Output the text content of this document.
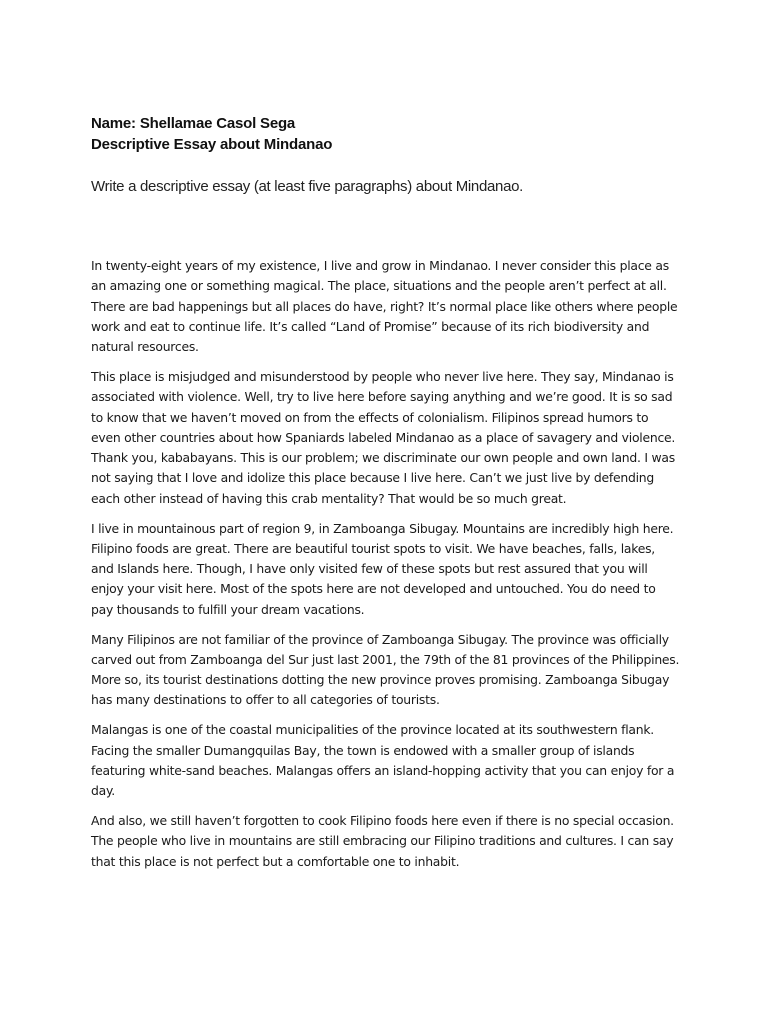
Name: Shellamae Casol Sega
Descriptive Essay about Mindanao
Write a descriptive essay (at least five paragraphs) about Mindanao.

In twenty-eight years of my existence, I live and grow in Mindanao. I never consider this place as an amazing one or something magical. The place, situations and the people aren’t perfect at all. There are bad happenings but all places do have, right? It’s normal place like others where people work and eat to continue life. It’s called “Land of Promise” because of its rich biodiversity and natural resources.

This place is misjudged and misunderstood by people who never live here. They say, Mindanao is associated with violence. Well, try to live here before saying anything and we’re good. It is so sad to know that we haven’t moved on from the effects of colonialism. Filipinos spread humors to even other countries about how Spaniards labeled Mindanao as a place of savagery and violence. Thank you, kababayans. This is our problem; we discriminate our own people and own land. I was not saying that I love and idolize this place because I live here. Can’t we just live by defending each other instead of having this crab mentality? That would be so much great.

I live in mountainous part of region 9, in Zamboanga Sibugay. Mountains are incredibly high here. Filipino foods are great. There are beautiful tourist spots to visit. We have beaches, falls, lakes, and Islands here. Though, I have only visited few of these spots but rest assured that you will enjoy your visit here. Most of the spots here are not developed and untouched. You do need to pay thousands to fulfill your dream vacations.

Many Filipinos are not familiar of the province of Zamboanga Sibugay. The province was officially carved out from Zamboanga del Sur just last 2001, the 79th of the 81 provinces of the Philippines. More so, its tourist destinations dotting the new province proves promising. Zamboanga Sibugay has many destinations to offer to all categories of tourists.

Malangas is one of the coastal municipalities of the province located at its southwestern flank. Facing the smaller Dumangquilas Bay, the town is endowed with a smaller group of islands featuring white-sand beaches. Malangas offers an island-hopping activity that you can enjoy for a day.

And also, we still haven’t forgotten to cook Filipino foods here even if there is no special occasion. The people who live in mountains are still embracing our Filipino traditions and cultures. I can say that this place is not perfect but a comfortable one to inhabit.
